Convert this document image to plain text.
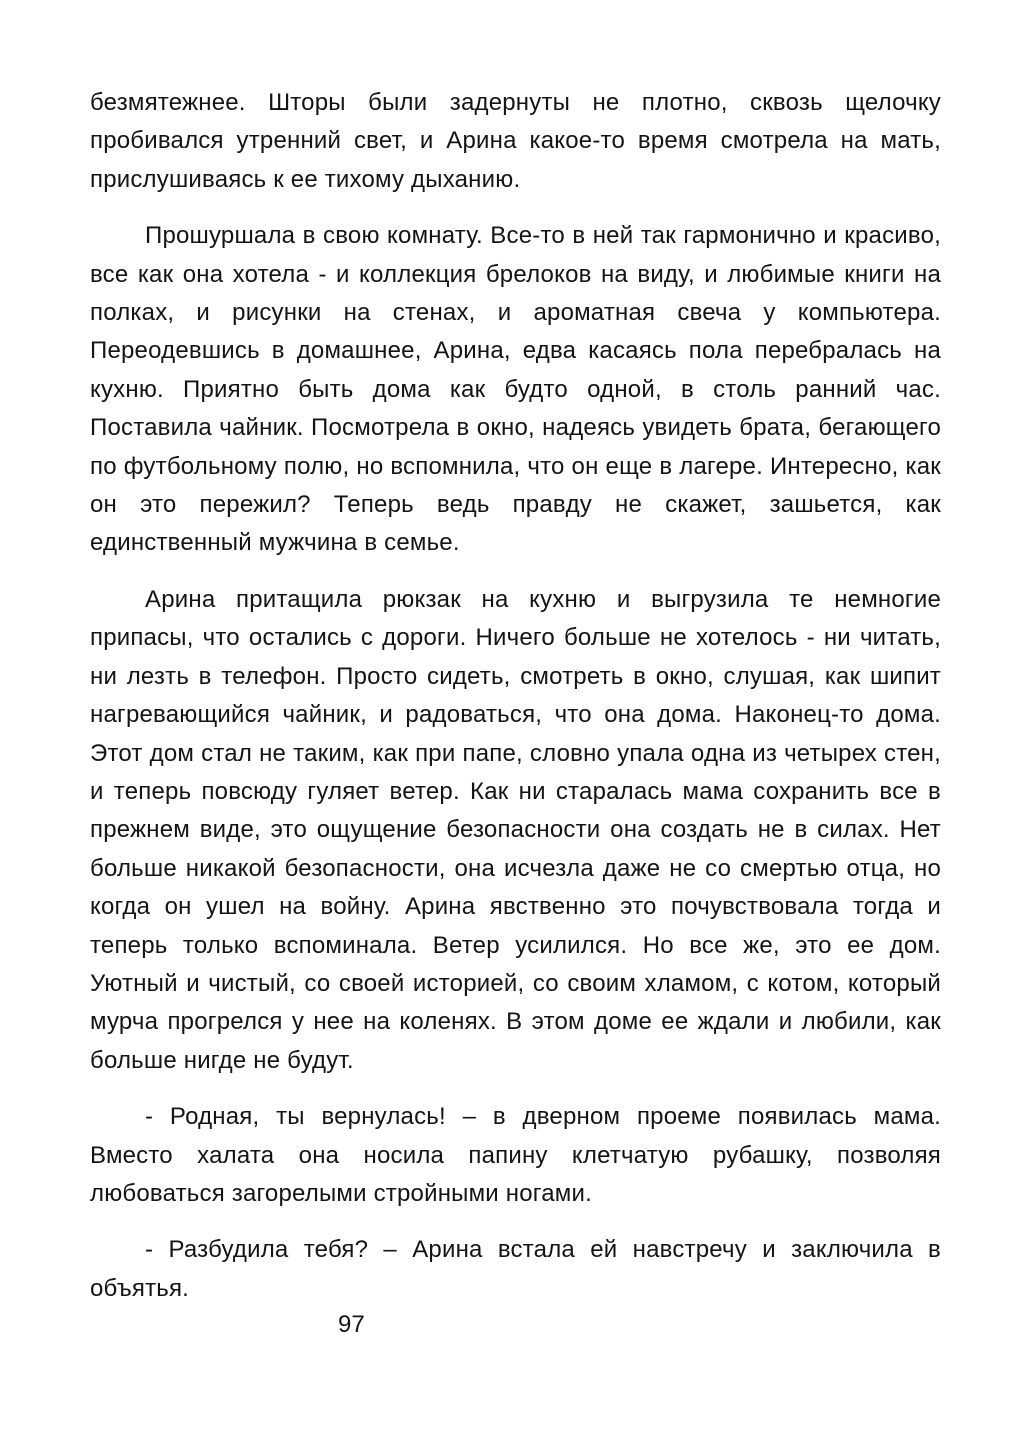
безмятежнее. Шторы были задернуты не плотно, сквозь щелочку пробивался утренний свет, и Арина какое-то время смотрела на мать, прислушиваясь к ее тихому дыханию.

Прошуршала в свою комнату. Все-то в ней так гармонично и красиво, все как она хотела - и коллекция брелоков на виду, и любимые книги на полках, и рисунки на стенах, и ароматная свеча у компьютера. Переодевшись в домашнее, Арина, едва касаясь пола перебралась на кухню. Приятно быть дома как будто одной, в столь ранний час. Поставила чайник. Посмотрела в окно, надеясь увидеть брата, бегающего по футбольному полю, но вспомнила, что он еще в лагере. Интересно, как он это пережил? Теперь ведь правду не скажет, зашьется, как единственный мужчина в семье.

Арина притащила рюкзак на кухню и выгрузила те немногие припасы, что остались с дороги. Ничего больше не хотелось - ни читать, ни лезть в телефон. Просто сидеть, смотреть в окно, слушая, как шипит нагревающийся чайник, и радоваться, что она дома. Наконец-то дома. Этот дом стал не таким, как при папе, словно упала одна из четырех стен, и теперь повсюду гуляет ветер. Как ни старалась мама сохранить все в прежнем виде, это ощущение безопасности она создать не в силах. Нет больше никакой безопасности, она исчезла даже не со смертью отца, но когда он ушел на войну. Арина явственно это почувствовала тогда и теперь только вспоминала. Ветер усилился. Но все же, это ее дом. Уютный и чистый, со своей историей, со своим хламом, с котом, который мурча прогрелся у нее на коленях. В этом доме ее ждали и любили, как больше нигде не будут.

- Родная, ты вернулась! – в дверном проеме появилась мама. Вместо халата она носила папину клетчатую рубашку, позволяя любоваться загорелыми стройными ногами.

- Разбудила тебя? – Арина встала ей навстречу и заключила в объятья.

97
